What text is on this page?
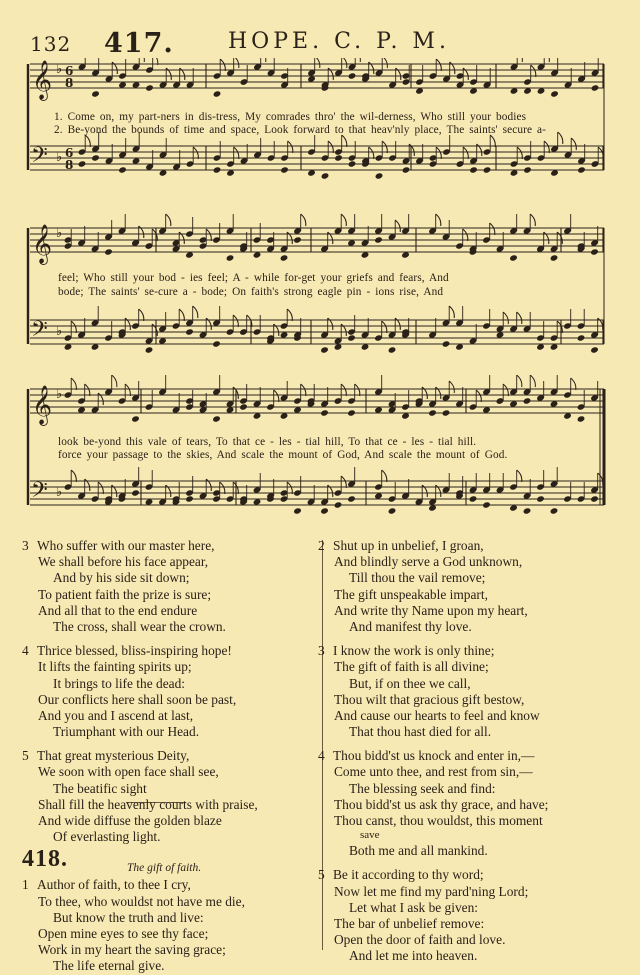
132 417. HOPE. C. P. M.
𝄞 ♭ 6
8
𝄢 ♭ 6
8
1. Come on, my part-ners in dis-tress, My comrades thro' the wil-derness, Who still your bodies
2. Be-yond the bounds of time and space, Look forward to that heav'nly place, The saints' secure a-
𝄞 ♭
𝄢 ♭
feel; Who still your bod - ies feel; A - while for-get your griefs and fears, And
bode; The saints' se-cure a - bode; On faith's strong eagle pin - ions rise, And
𝄞 ♭
𝄢 ♭
look be-yond this vale of tears, To that ce - les - tial hill, To that ce - les - tial hill.
force your passage to the skies, And scale the mount of God, And scale the mount of God.
3 Who suffer with our master here,
We shall before his face appear,
And by his side sit down;
To patient faith the prize is sure;
And all that to the end endure
The cross, shall wear the crown.
4 Thrice blessed, bliss-inspiring hope!
It lifts the fainting spirits up;
It brings to life the dead:
Our conflicts here shall soon be past,
And you and I ascend at last,
Triumphant with our Head.
5 That great mysterious Deity,
We soon with open face shall see,
The beatific sight
Shall fill the heavenly courts with praise,
And wide diffuse the golden blaze
Of everlasting light.
418.	The gift of faith.
1 Author of faith, to thee I cry,
To thee, who wouldst not have me die,
But know the truth and live:
Open mine eyes to see thy face;
Work in my heart the saving grace;
The life eternal give.
2 Shut up in unbelief, I groan,
And blindly serve a God unknown,
Till thou the vail remove;
The gift unspeakable impart,
And write thy Name upon my heart,
And manifest thy love.
3 I know the work is only thine;
The gift of faith is all divine;
But, if on thee we call,
Thou wilt that gracious gift bestow,
And cause our hearts to feel and know
That thou hast died for all.
4 Thou bidd'st us knock and enter in,—
Come unto thee, and rest from sin,—
The blessing seek and find:
Thou bidd'st us ask thy grace, and have;
Thou canst, thou wouldst, this moment
save
Both me and all mankind.
5 Be it according to thy word;
Now let me find my pard'ning Lord;
Let what I ask be given:
The bar of unbelief remove:
Open the door of faith and love.
And let me into heaven.
